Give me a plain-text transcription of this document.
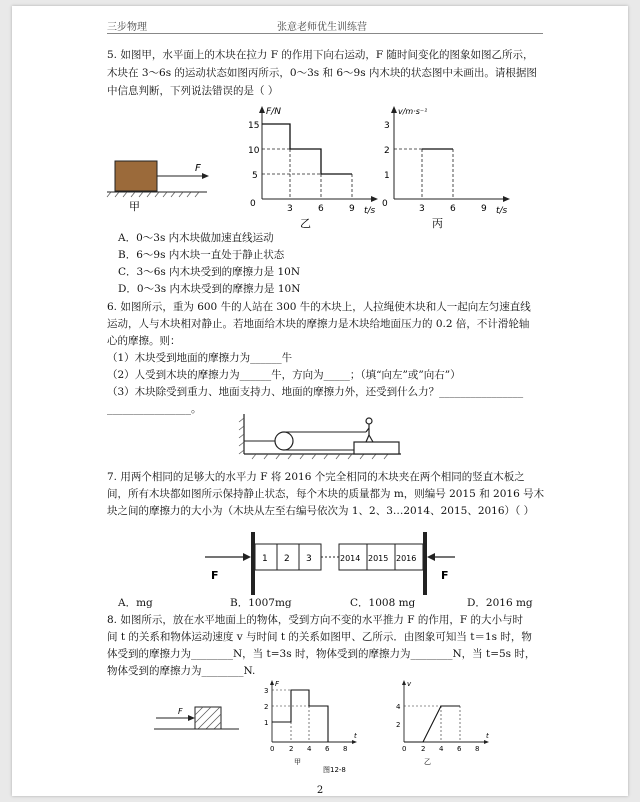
三步物理	张意老师优生训练营
5. 如图甲，水平面上的木块在拉力 F 的作用下向右运动，F 随时间变化的图象如图乙所示，
木块在 3～6s 的运动状态如图丙所示，0～3s 和 6～9s 内木块的状态图中未画出。请根据图
中信息判断，下列说法错误的是（ ）
F
甲
F/N
t/s
15
10
5
0	3	6	9
乙
v/m·s⁻¹
t/s
3
2
1
0	3	6	9
丙
A．0～3s 内木块做加速直线运动
B．6～9s 内木块一直处于静止状态
C．3～6s 内木块受到的摩擦力是 10N
D．0～3s 内木块受到的摩擦力是 10N
6. 如图所示，重为 600 牛的人站在 300 牛的木块上，人拉绳使木块和人一起向左匀速直线
运动，人与木块相对静止。若地面给木块的摩擦力是木块给地面压力的 0.2 倍，不计滑轮轴
心的摩擦。则：
（1）木块受到地面的摩擦力为______牛
（2）人受到木块的摩擦力为______牛，方向为_____；（填“向左”或”向右”）
（3）木块除受到重力、地面支持力、地面的摩擦力外，还受到什么力？________________
________________。
7. 用两个相同的足够大的水平力 F 将 2016 个完全相同的木块夹在两个相同的竖直木板之
间，所有木块都如图所示保持静止状态，每个木块的质量都为 m，则编号 2015 和 2016 号木
块之间的摩擦力的大小为（木块从左至右编号依次为 1、2、3…2014、2015、2016）（ ）
F
1 2 3	2014 2015 2016
F
A．mg	B．1007mg	C．1008 mg	D．2016 mg
8. 如图所示，放在水平地面上的物体，受到方向不变的水平推力 F 的作用，F 的大小与时
间 t 的关系和物体运动速度 v 与时间 t 的关系如图甲、乙所示．由图象可知当 t＝1s 时，物
体受到的摩擦力为________N，当 t=3s 时，物体受到的摩擦力为________N，当 t=5s 时，
物体受到的摩擦力为________N.
F
F
t
3
2
1
0 2 4 6 8
甲
图12-8
v
t
4
2
0 2 4 6 8
乙
2
